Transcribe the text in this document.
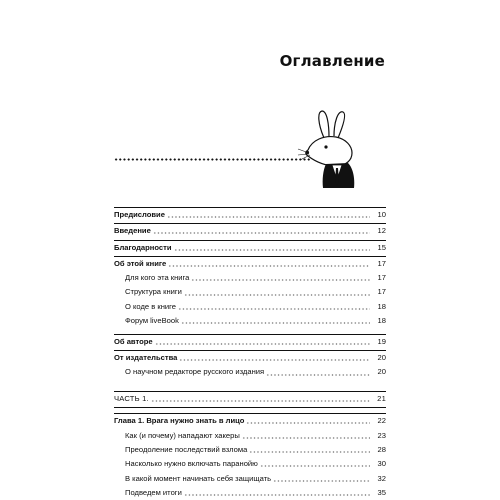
Оглавление
Предисловие	10
Введение	12
Благодарности	15
Об этой книге	17
Для кого эта книга	17
Структура книги	17
О коде в книге	18
Форум liveBook	18
Об авторе	19
От издательства	20
О научном редакторе русского издания	20
ЧАСТЬ 1.	21
Глава 1. Врага нужно знать в лицо	22
Как (и почему) нападают хакеры	23
Преодоление последствий взлома	28
Насколько нужно включать паранойю	30
В какой момент начинать себя защищать	32
Подведем итоги	35
